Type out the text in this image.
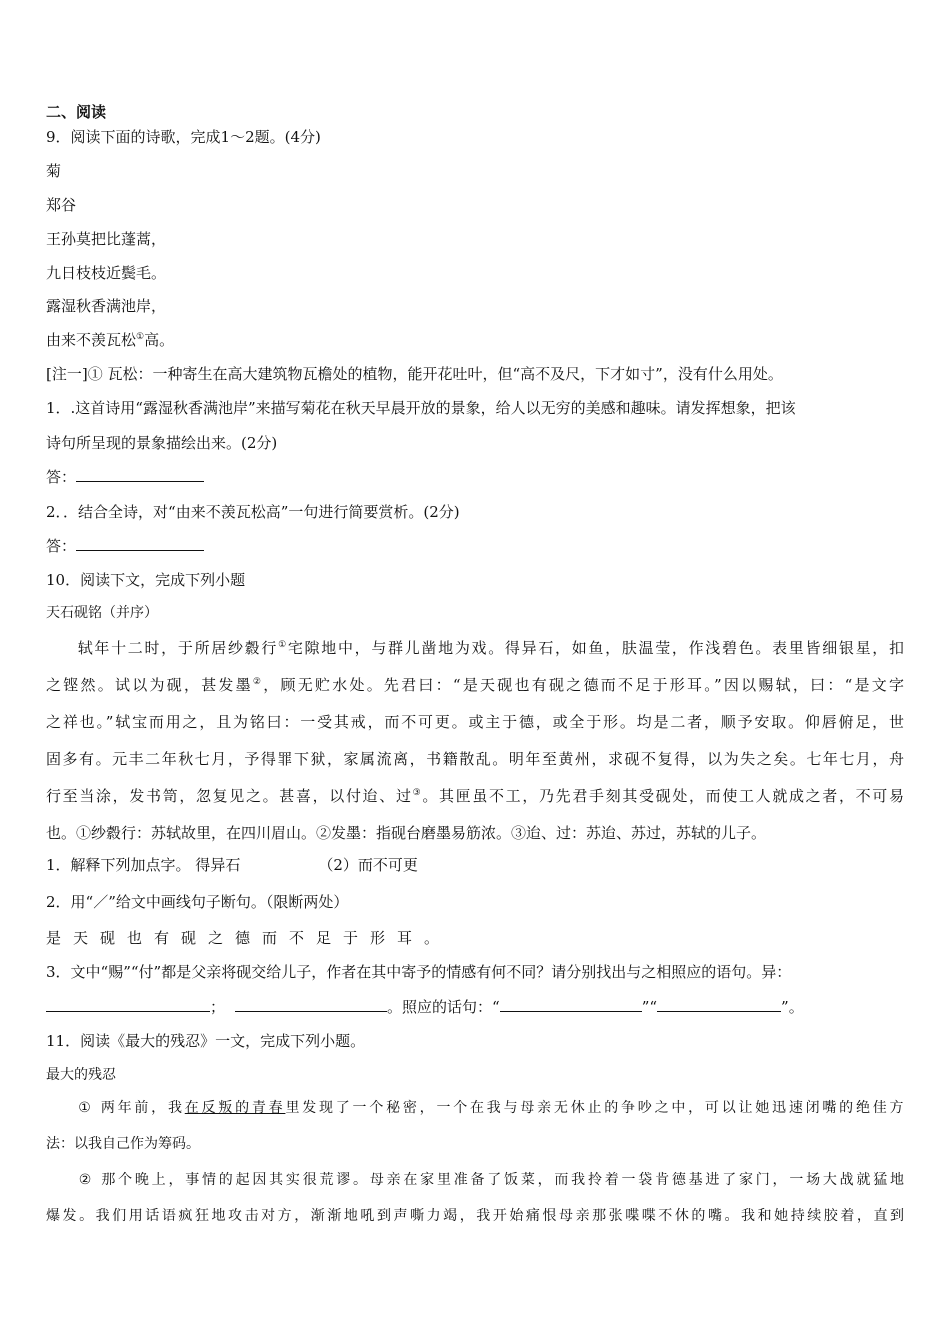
二、阅读
9．阅读下面的诗歌，完成1～2题。(4分)
菊
郑谷
王孙莫把比蓬蒿，
九日枝枝近鬓毛。
露湿秋香满池岸，
由来不羡瓦松①高。
[注一]① 瓦松：一种寄生在高大建筑物瓦檐处的植物，能开花吐叶，但“高不及尺，下才如寸”，没有什么用处。
1．.这首诗用“露湿秋香满池岸”来描写菊花在秋天早晨开放的景象，给人以无穷的美感和趣味。请发挥想象，把该
诗句所呈现的景象描绘出来。(2分)
答：
2．．结合全诗，对“由来不羡瓦松高”一句进行简要赏析。(2分)
答：
10．阅读下文，完成下列小题
天石砚铭（并序）
轼年十二时，于所居纱縠行①宅隙地中，与群儿凿地为戏。得异石，如鱼，肤温莹，作浅碧色。表里皆细银星，扣
之铿然。试以为砚，甚发墨②，顾无贮水处。先君曰：“是天砚也有砚之德而不足于形耳。”因以赐轼，曰：“是文字
之祥也。”轼宝而用之，且为铭曰：一受其戒，而不可更。或主于德，或全于形。均是二者，顺予安取。仰唇俯足，世
固多有。元丰二年秋七月，予得罪下狱，家属流离，书籍散乱。明年至黄州，求砚不复得，以为失之矣。七年七月，舟
行至当涂，发书笥，忽复见之。甚喜，以付迨、过③。其匣虽不工，乃先君手刻其受砚处，而使工人就成之者，不可易
也。①纱縠行：苏轼故里，在四川眉山。②发墨：指砚台磨墨易筋浓。③迨、过：苏迨、苏过，苏轼的儿子。
1．解释下列加点字。 得异石	（2）而不可更
2．用“／”给文中画线句子断句。（限断两处）
是天砚也有砚之德而不足于形耳。
3．文中“赐”“付”都是父亲将砚交给儿子，作者在其中寄予的情感有何不同？请分别找出与之相照应的语句。异：
；	。照应的话句：“	”“	”。
11．阅读《最大的残忍》一文，完成下列小题。
最大的残忍
① 两年前，我在反叛的青春里发现了一个秘密，一个在我与母亲无休止的争吵之中，可以让她迅速闭嘴的绝佳方
法：以我自己作为筹码。
② 那个晚上，事情的起因其实很荒谬。母亲在家里准备了饭菜，而我拎着一袋肯德基进了家门，一场大战就猛地
爆发。我们用话语疯狂地攻击对方，渐渐地吼到声嘶力竭，我开始痛恨母亲那张喋喋不休的嘴。我和她持续胶着，直到
